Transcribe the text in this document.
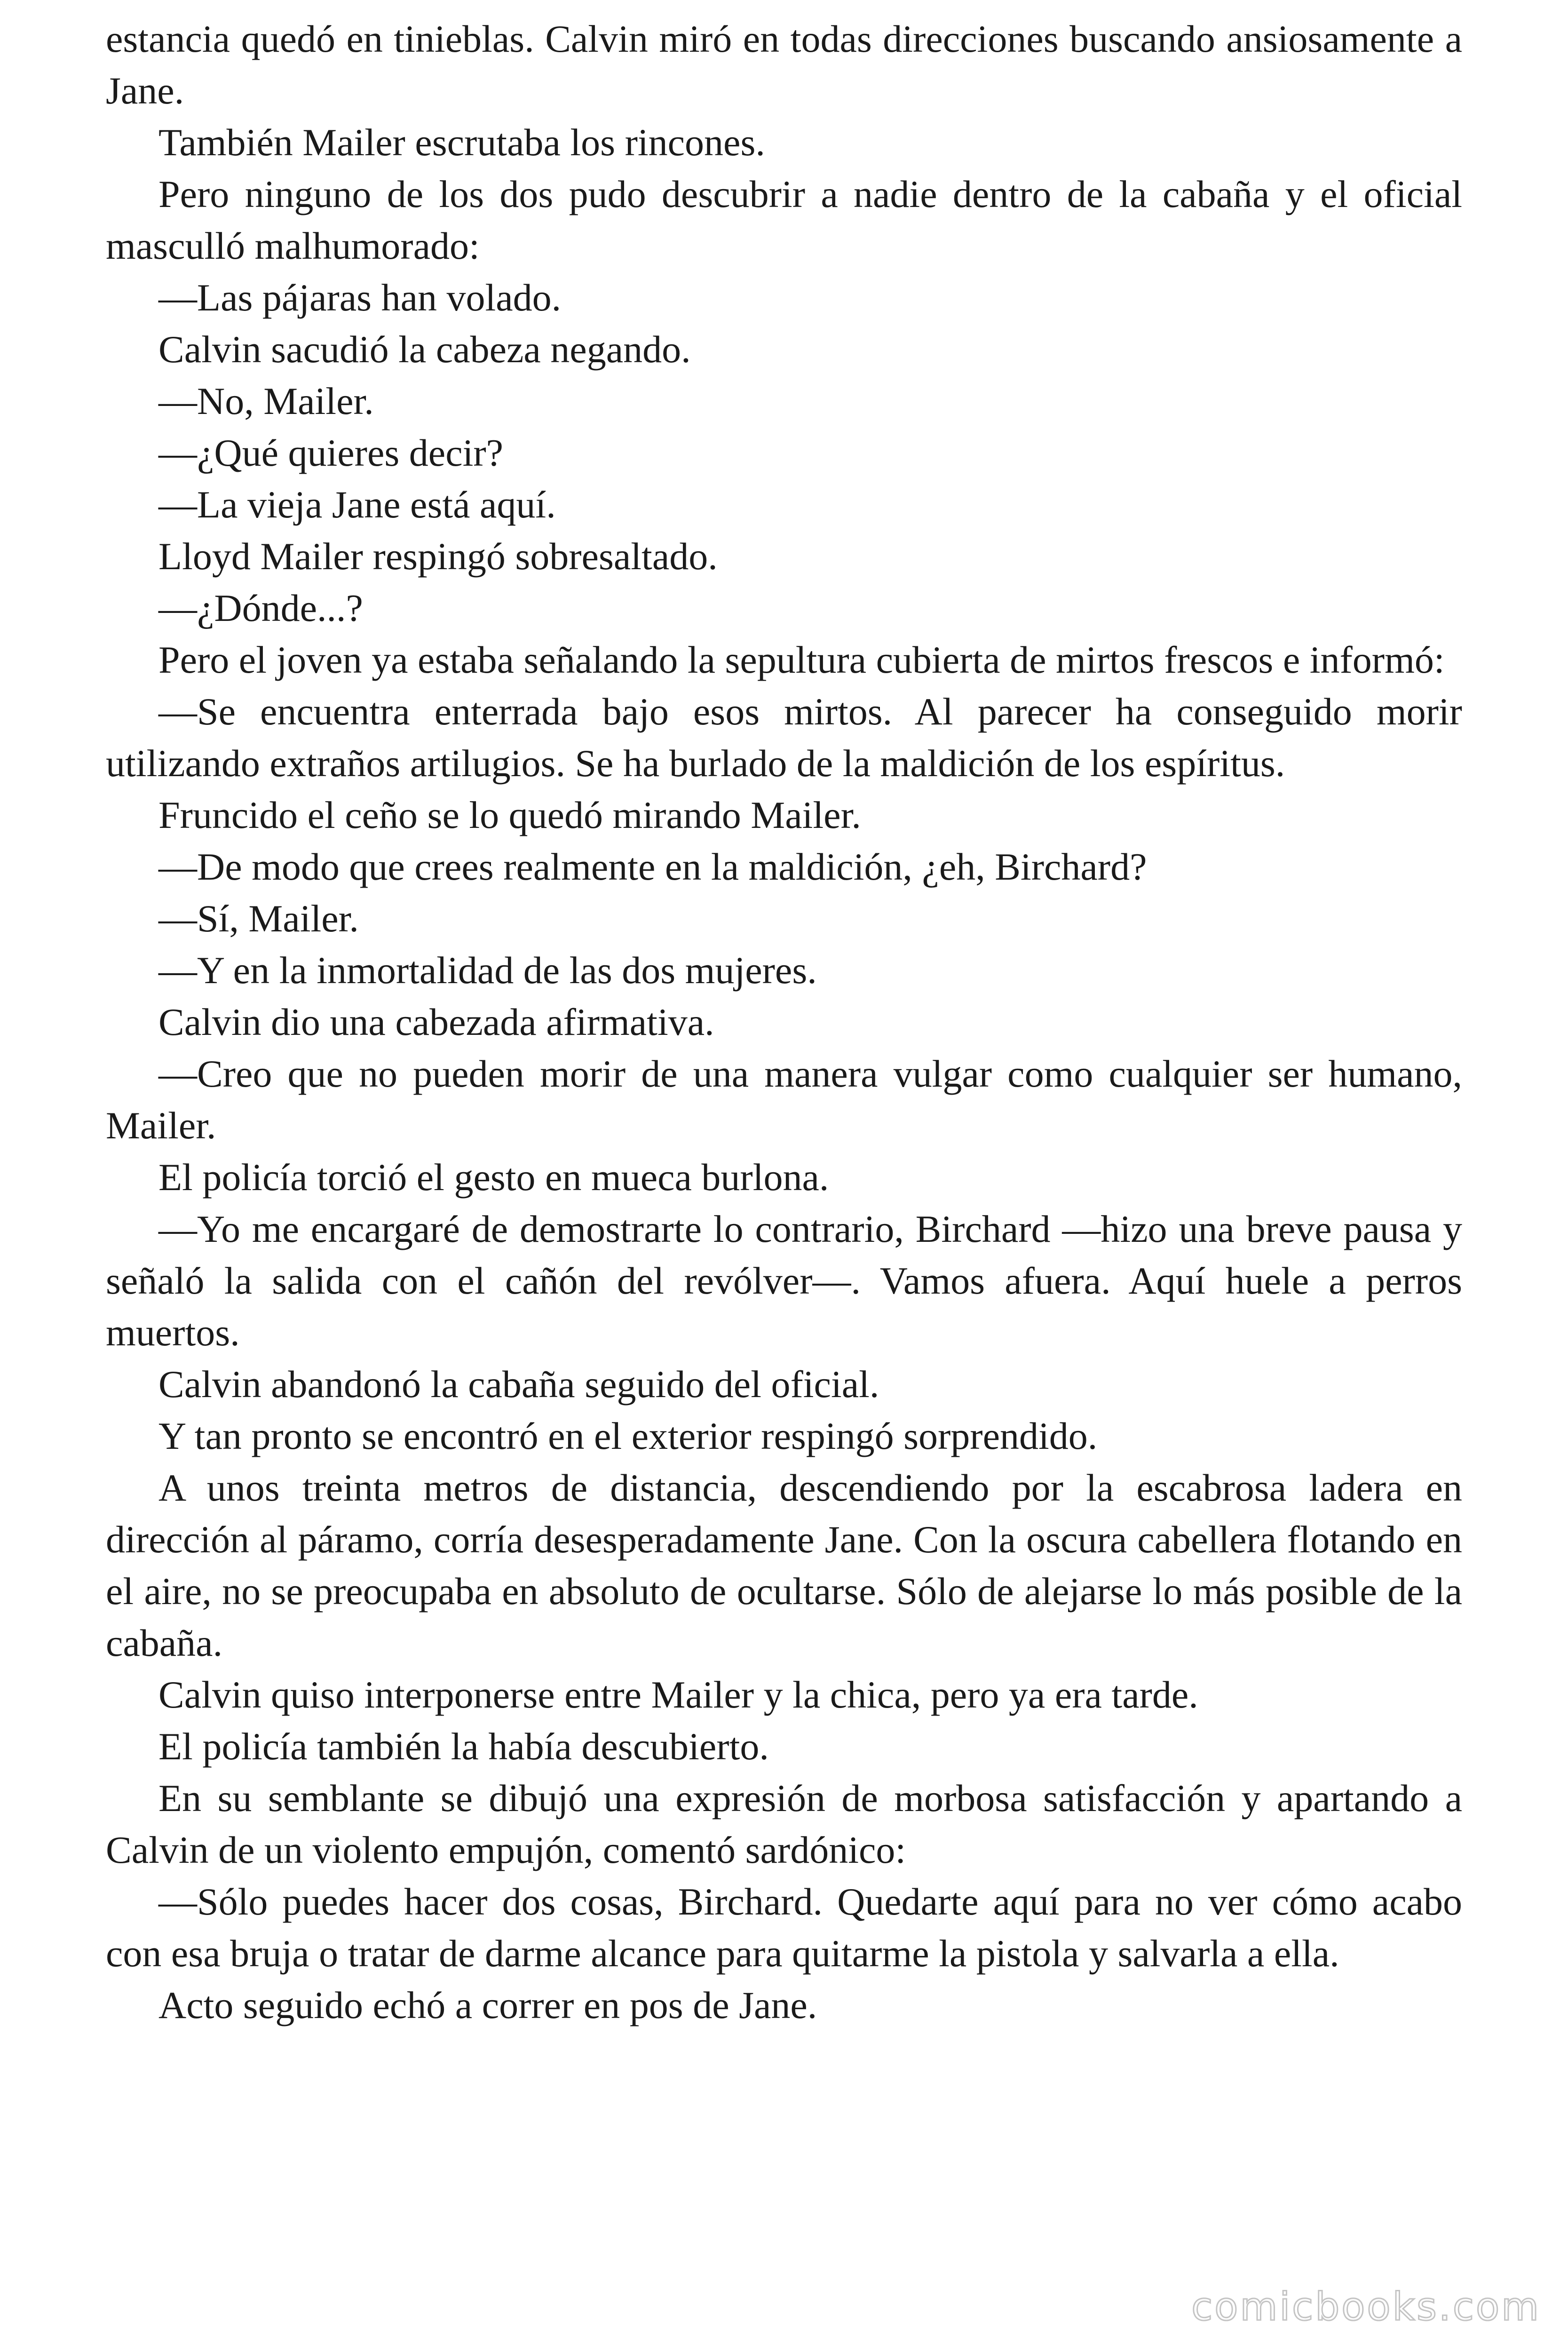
estancia quedó en tinieblas. Calvin miró en todas direcciones buscando ansiosamente a Jane.

También Mailer escrutaba los rincones.

Pero ninguno de los dos pudo descubrir a nadie dentro de la cabaña y el oficial masculló malhumorado:

—Las pájaras han volado.

Calvin sacudió la cabeza negando.

—No, Mailer.

—¿Qué quieres decir?

—La vieja Jane está aquí.

Lloyd Mailer respingó sobresaltado.

—¿Dónde...?

Pero el joven ya estaba señalando la sepultura cubierta de mirtos frescos e informó:

—Se encuentra enterrada bajo esos mirtos. Al parecer ha conseguido morir utilizando extraños artilugios. Se ha burlado de la maldición de los espíritus.

Fruncido el ceño se lo quedó mirando Mailer.

—De modo que crees realmente en la maldición, ¿eh, Birchard?

—Sí, Mailer.

—Y en la inmortalidad de las dos mujeres.

Calvin dio una cabezada afirmativa.

—Creo que no pueden morir de una manera vulgar como cualquier ser humano, Mailer.

El policía torció el gesto en mueca burlona.

—Yo me encargaré de demostrarte lo contrario, Birchard —hizo una breve pausa y señaló la salida con el cañón del revólver—. Vamos afuera. Aquí huele a perros muertos.

Calvin abandonó la cabaña seguido del oficial.

Y tan pronto se encontró en el exterior respingó sorprendido.

A unos treinta metros de distancia, descendiendo por la escabrosa ladera en dirección al páramo, corría desesperadamente Jane. Con la oscura cabellera flotando en el aire, no se preocupaba en absoluto de ocultarse. Sólo de alejarse lo más posible de la cabaña.

Calvin quiso interponerse entre Mailer y la chica, pero ya era tarde.

El policía también la había descubierto.

En su semblante se dibujó una expresión de morbosa satisfacción y apartando a Calvin de un violento empujón, comentó sardónico:

—Sólo puedes hacer dos cosas, Birchard. Quedarte aquí para no ver cómo acabo con esa bruja o tratar de darme alcance para quitarme la pistola y salvarla a ella.

Acto seguido echó a correr en pos de Jane.

comicbooks.com
